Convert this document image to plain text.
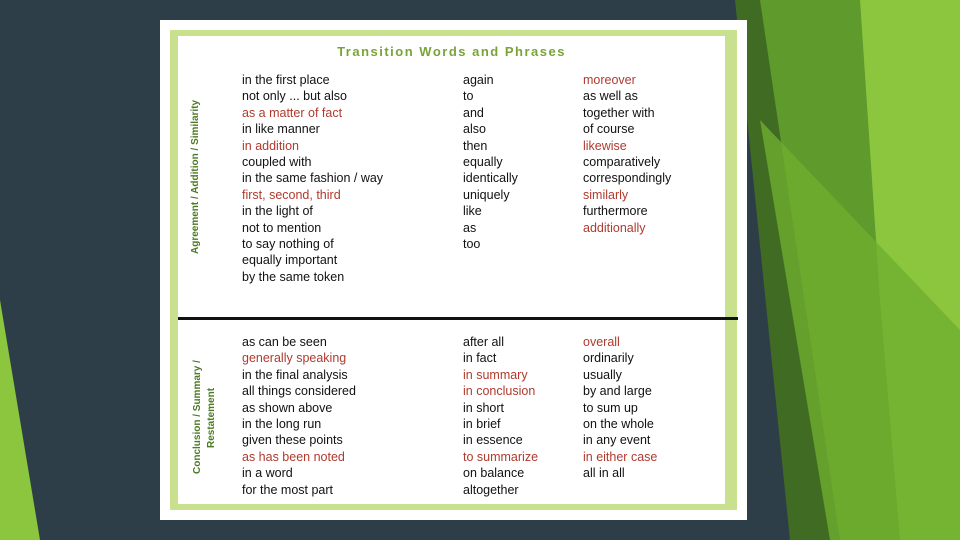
Transition Words and Phrases
Agreement / Addition / Similarity
in the first place
not only ... but also
as a matter of fact
in like manner
in addition
coupled with
in the same fashion / way
first, second, third
in the light of
not to mention
to say nothing of
equally important
by the same token
again
to
and
also
then
equally
identically
uniquely
like
as
too
moreover
as well as
together with
of course
likewise
comparatively
correspondingly
similarly
furthermore
additionally
Conclusion / Summary / Restatement
as can be seen
generally speaking
in the final analysis
all things considered
as shown above
in the long run
given these points
as has been noted
in a word
for the most part
after all
in fact
in summary
in conclusion
in short
in brief
in essence
to summarize
on balance
altogether
overall
ordinarily
usually
by and large
to sum up
on the whole
in any event
in either case
all in all
